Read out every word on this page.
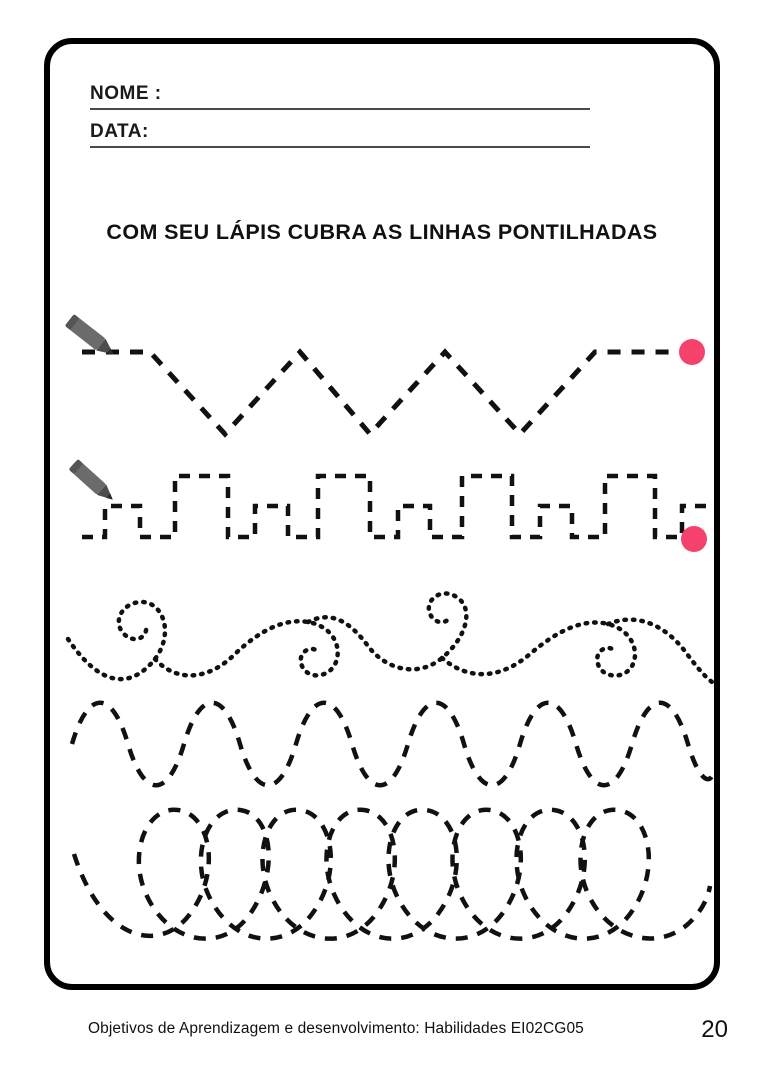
NOME :
DATA:
COM SEU LÁPIS CUBRA AS LINHAS PONTILHADAS
Objetivos de Aprendizagem e desenvolvimento: Habilidades EI02CG05	20
